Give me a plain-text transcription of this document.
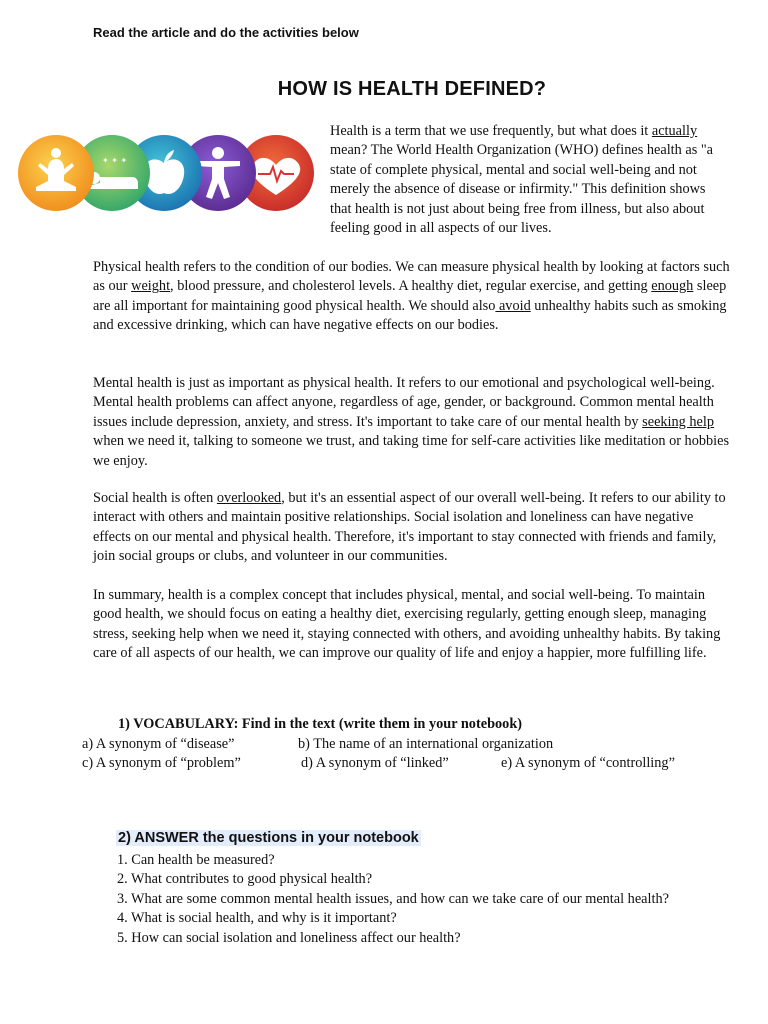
Read the article and do the activities below
HOW IS HEALTH DEFINED?
✦ ✦ ✦

Health is a term that we use frequently, but what does it actually mean? The World Health Organization (WHO) defines health as "a state of complete physical, mental and social well-being and not merely the absence of disease or infirmity." This definition shows that health is not just about being free from illness, but also about feeling good in all aspects of our lives.

Physical health refers to the condition of our bodies. We can measure physical health by looking at factors such as our weight, blood pressure, and cholesterol levels. A healthy diet, regular exercise, and getting enough sleep are all important for maintaining good physical health. We should also avoid unhealthy habits such as smoking and excessive drinking, which can have negative effects on our bodies.

Mental health is just as important as physical health. It refers to our emotional and psychological well-being. Mental health problems can affect anyone, regardless of age, gender, or background. Common mental health issues include depression, anxiety, and stress. It's important to take care of our mental health by seeking help when we need it, talking to someone we trust, and taking time for self-care activities like meditation or hobbies we enjoy.

Social health is often overlooked, but it's an essential aspect of our overall well-being. It refers to our ability to interact with others and maintain positive relationships. Social isolation and loneliness can have negative effects on our mental and physical health. Therefore, it's important to stay connected with friends and family, join social groups or clubs, and volunteer in our communities.

In summary, health is a complex concept that includes physical, mental, and social well-being. To maintain good health, we should focus on eating a healthy diet, exercising regularly, getting enough sleep, managing stress, seeking help when we need it, staying connected with others, and avoiding unhealthy habits. By taking care of all aspects of our health, we can improve our quality of life and enjoy a happier, more fulfilling life.

1) VOCABULARY: Find in the text (write them in your notebook)
a) A synonym of “disease”	b) The name of an international organization
c) A synonym of “problem”	d) A synonym of “linked”	e) A synonym of “controlling”
2) ANSWER the questions in your notebook
1. Can health be measured?
2. What contributes to good physical health?
3. What are some common mental health issues, and how can we take care of our mental health?
4. What is social health, and why is it important?
5. How can social isolation and loneliness affect our health?
